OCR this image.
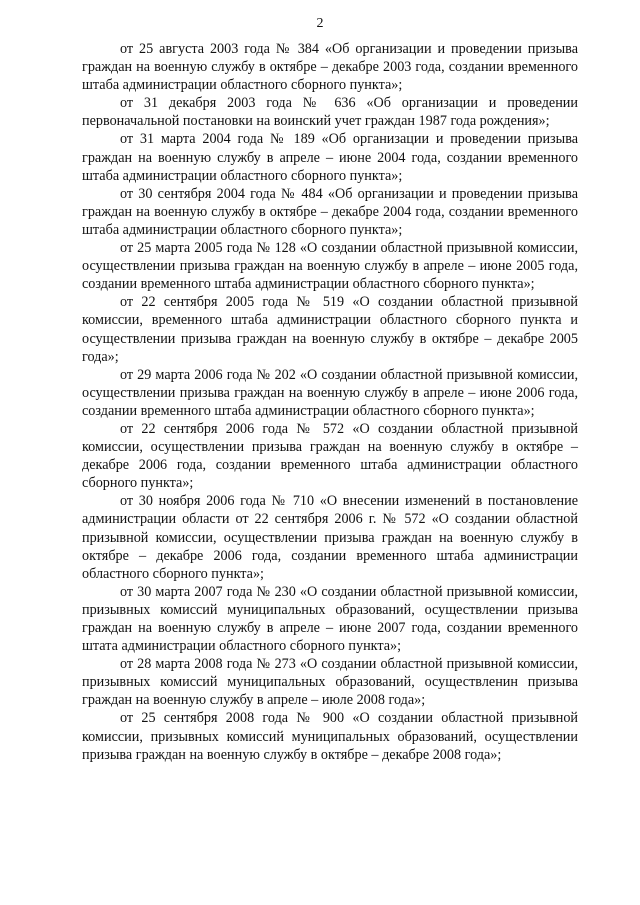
2

от 25 августа 2003 года № 384 «Об организации и проведении призыва граждан на военную службу в октябре – декабре 2003 года, создании временного штаба администрации областного сборного пункта»;

от 31 декабря 2003 года № 636 «Об организации и проведении первоначальной постановки на воинский учет граждан 1987 года рождения»;

от 31 марта 2004 года № 189 «Об организации и проведении призыва граждан на военную службу в апреле – июне 2004 года, создании временного штаба администрации областного сборного пункта»;

от 30 сентября 2004 года № 484 «Об организации и проведении призыва граждан на военную службу в октябре – декабре 2004 года, создании временного штаба администрации областного сборного пункта»;

от 25 марта 2005 года № 128 «О создании областной призывной комиссии, осуществлении призыва граждан на военную службу в апреле – июне 2005 года, создании временного штаба администрации областного сборного пункта»;

от 22 сентября 2005 года № 519 «О создании областной призывной комиссии, временного штаба администрации областного сборного пункта и осуществлении призыва граждан на военную службу в октябре – декабре 2005 года»;

от 29 марта 2006 года № 202 «О создании областной призывной комиссии, осуществлении призыва граждан на военную службу в апреле – июне 2006 года, создании временного штаба администрации областного сборного пункта»;

от 22 сентября 2006 года № 572 «О создании областной призывной комиссии, осуществлении призыва граждан на военную службу в октябре – декабре 2006 года, создании временного штаба администрации областного сборного пункта»;

от 30 ноября 2006 года № 710 «О внесении изменений в постановление администрации области от 22 сентября 2006 г. № 572 «О создании областной призывной комиссии, осуществлении призыва граждан на военную службу в октябре – декабре 2006 года, создании временного штаба администрации областного сборного пункта»;

от 30 марта 2007 года № 230 «О создании областной призывной комиссии, призывных комиссий муниципальных образований, осуществлении призыва граждан на военную службу в апреле – июне 2007 года, создании временного штата администрации областного сборного пункта»;

от 28 марта 2008 года № 273 «О создании областной призывной комиссии, призывных комиссий муниципальных образований, осуществленин призыва граждан на военную службу в апреле – июле 2008 года»;

от 25 сентября 2008 года № 900 «О создании областной призывной комиссии, призывных комиссий муниципальных образований, осуществлении призыва граждан на военную службу в октябре – декабре 2008 года»;
